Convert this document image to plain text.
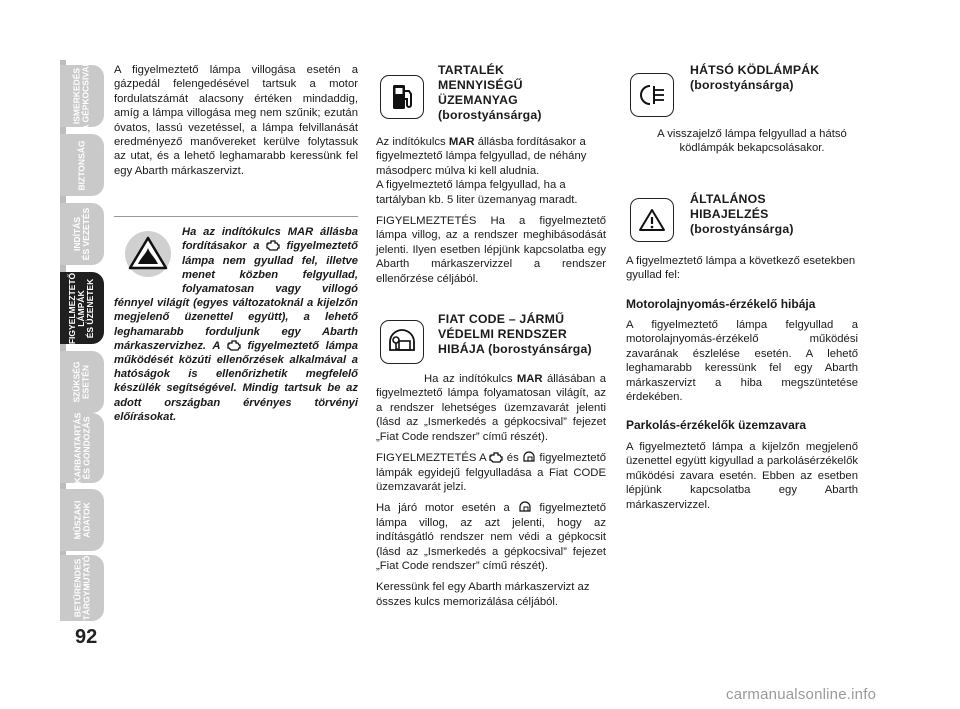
ISMERKEDÉS
A GÉPKOCSIVAL
BIZTONSÁG
INDÍTÁS
ÉS VEZETÉS
FIGYELMEZTETŐ
LÁMPÁK
ÉS ÜZENETEK
SZÜKSÉG
ESETÉN
KARBANTARTÁS
ÉS GONDOZÁS
MŰSZAKI
ADATOK
BETŰRENDES
TÁRGYMUTATÓ
92

A figyelmeztető lámpa villogása esetén a gázpedál felengedésével tartsuk a motor fordulatszámát alacsony értéken mindaddig, amíg a lámpa villogása meg nem szűnik; ezután óvatos, lassú vezetéssel, a lámpa felvillanását eredményező manővereket kerülve folytassuk az utat, és a lehető leghamarabb keressünk fel egy Abarth márkaszervizt.

Ha az indítókulcs MAR állásba fordításakor a  figyelmeztető lámpa nem gyullad fel, illetve menet közben felgyullad, folyamatosan vagy villogó fénnyel világít (egyes változatoknál a kijelzőn megjelenő üzenettel együtt), a lehető leghamarabb forduljunk egy Abarth márkaszervizhez. A  figyelmeztető lámpa működését közúti ellenőrzések alkalmával a hatóságok is ellenőrizhetik megfelelő készülék segítségével. Mindig tartsuk be az adott országban érvényes törvényi előírásokat.
TARTALÉK
MENNYISÉGŰ
ÜZEMANYAG
(borostyánsárga)

Az indítókulcs MAR állásba fordításakor a figyelmeztető lámpa felgyullad, de néhány másodperc múlva ki kell aludnia.

A figyelmeztető lámpa felgyullad, ha a tartályban kb. 5 liter üzemanyag maradt.

FIGYELMEZTETÉS Ha a figyelmeztető lámpa villog, az a rendszer meghibásodását jelenti. Ilyen esetben lépjünk kapcsolatba egy Abarth márkaszervizzel a rendszer ellenőrzése céljából.

FIAT CODE – JÁRMŰ
VÉDELMI RENDSZER
HIBÁJA (borostyánsárga)

Ha az indítókulcs MAR állásában a figyelmeztető lámpa folyamatosan világít, az a rendszer lehetséges üzemzavarát jelenti (lásd az „Ismerkedés a gépkocsival” fejezet „Fiat Code rendszer” című részét).

FIGYELMEZTETÉS A  és  figyelmeztető lámpák egyidejű felgyulladása a Fiat CODE üzemzavarát jelzi.

Ha járó motor esetén a  figyelmeztető lámpa villog, az azt jelenti, hogy az indításgátló rendszer nem védi a gépkocsit (lásd az „Ismerkedés a gépkocsival” fejezet „Fiat Code rendszer” című részét).

Keressünk fel egy Abarth márkaszervizt az összes kulcs memorizálása céljából.

HÁTSÓ KÖDLÁMPÁK
(borostyánsárga)

A visszajelző lámpa felgyullad a hátsó ködlámpák bekapcsolásakor.

ÁLTALÁNOS
HIBAJELZÉS
(borostyánsárga)

A figyelmeztető lámpa a következő esetekben gyullad fel:

Motorolajnyomás-érzékelő hibája

A figyelmeztető lámpa felgyullad a motorolajnyomás-érzékelő működési zavarának észlelése esetén. A lehető leghamarabb keressünk fel egy Abarth márkaszervizt a hiba megszüntetése érdekében.

Parkolás-érzékelők üzemzavara

A figyelmeztető lámpa a kijelzőn megjelenő üzenettel együtt kigyullad a parkolásérzékelők működési zavara esetén. Ebben az esetben lépjünk kapcsolatba egy Abarth márkaszervizzel.

carmanualsonline.info
